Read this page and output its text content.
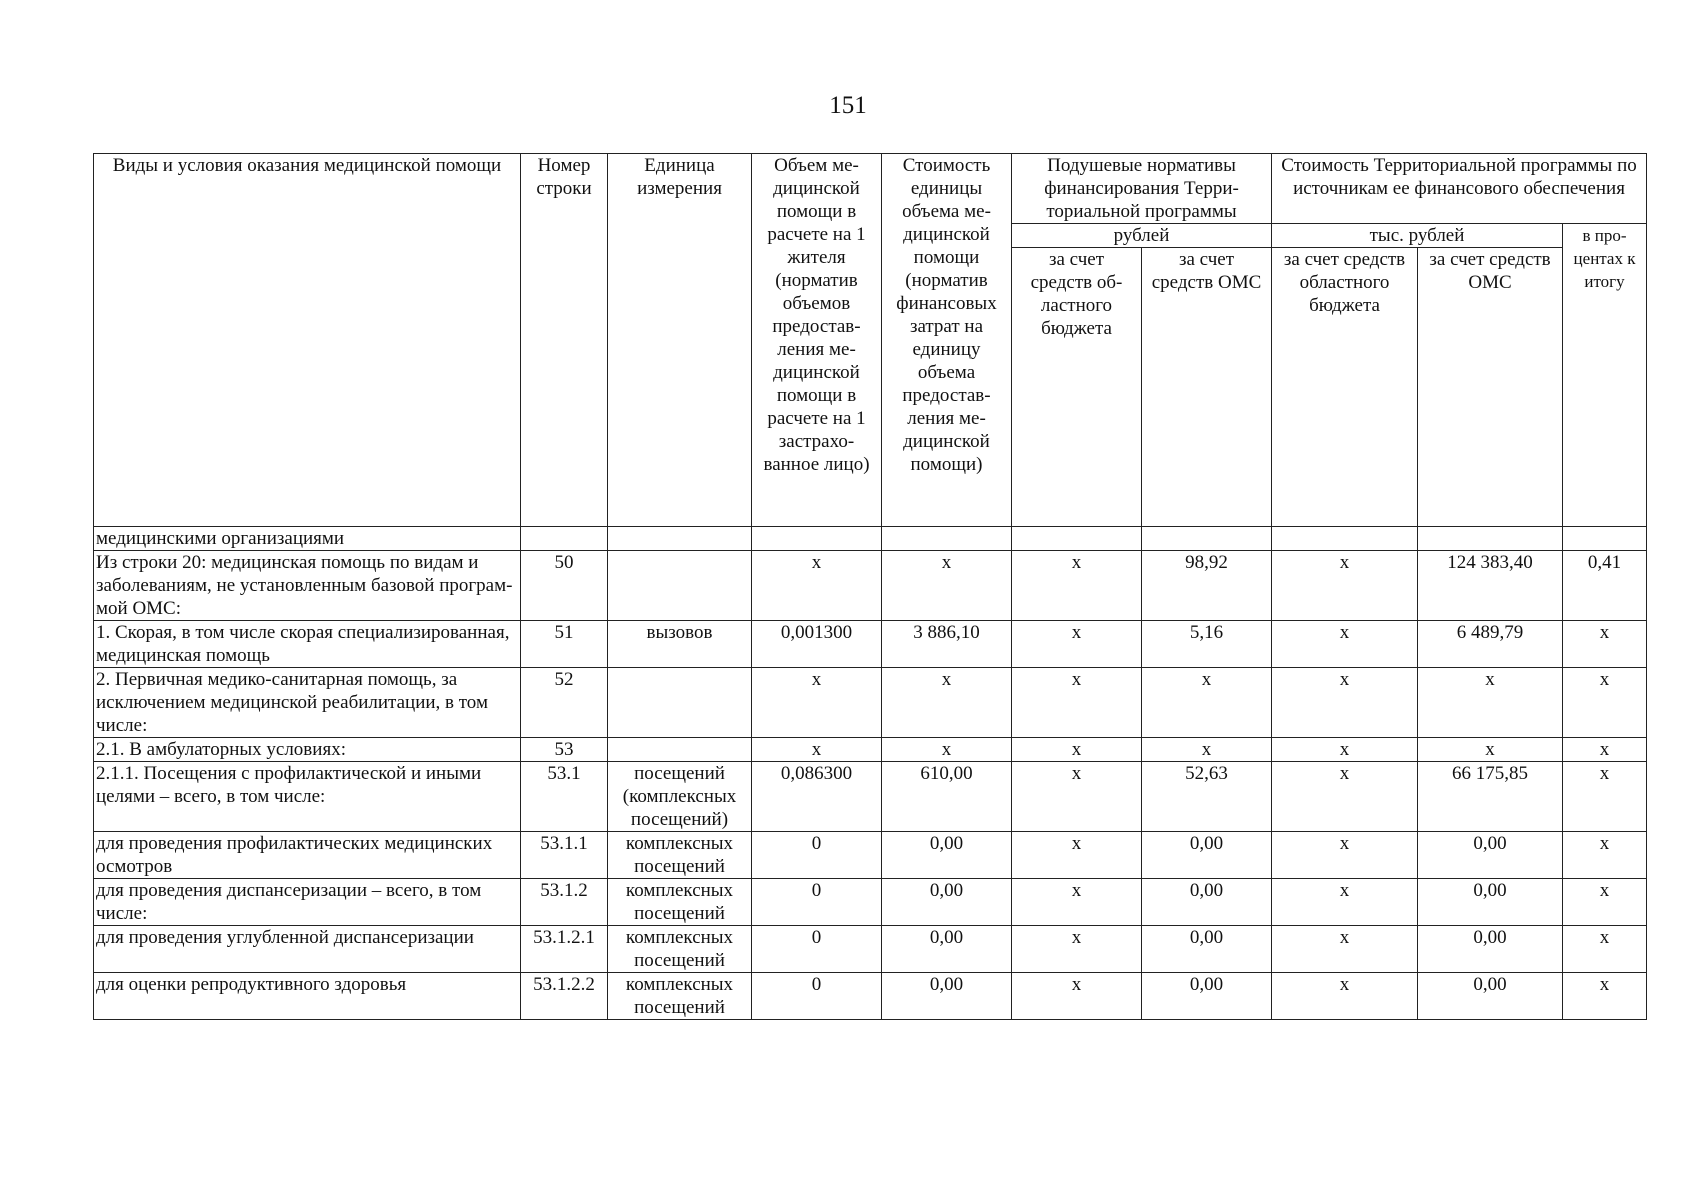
151
Виды и условия оказания медицинской помощи	Номер строки	Единица измерения	Объем медицинской помощи в расчете на 1 жителя (норматив объемов предоставления медицинской помощи в расчете на 1 застрахованное лицо)	Стоимость единицы объема медицинской помощи (норматив финансовых затрат на единицу объема предоставления медицинской помощи)	Подушевые нормативы финансирования Территориальной программы		Стоимость Территориальной программы по источникам ее финансового обеспечения		
					рублей		тыс. рублей		в процентах к итогу
					за счет средств областного бюджета	за счет средств ОМС	за счет средств областного бюджета	за счет средств ОМС	
медицинскими организациями									
Из строки 20: медицинская помощь по видам и заболеваниям, не установленным базовой программой ОМС:	50		х	х	х	98,92	х	124 383,40	0,41
1. Скорая, в том числе скорая специализированная, медицинская помощь	51	вызовов	0,001300	3 886,10	х	5,16	х	6 489,79	х
2. Первичная медико-санитарная помощь, за исключением медицинской реабилитации, в том числе:	52		х	х	х	х	х	х	х
2.1. В амбулаторных условиях:	53		х	х	х	х	х	х	х
2.1.1. Посещения с профилактической и иными целями – всего, в том числе:	53.1	посещений (комплексных посещений)	0,086300	610,00	х	52,63	х	66 175,85	х
для проведения профилактических медицинских осмотров	53.1.1	комплексных посещений	0	0,00	х	0,00	х	0,00	х
для проведения диспансеризации – всего, в том числе:	53.1.2	комплексных посещений	0	0,00	х	0,00	х	0,00	х
для проведения углубленной диспансеризации	53.1.2.1	комплексных посещений	0	0,00	х	0,00	х	0,00	х
для оценки репродуктивного здоровья	53.1.2.2	комплексных посещений	0	0,00	х	0,00	х	0,00	х
